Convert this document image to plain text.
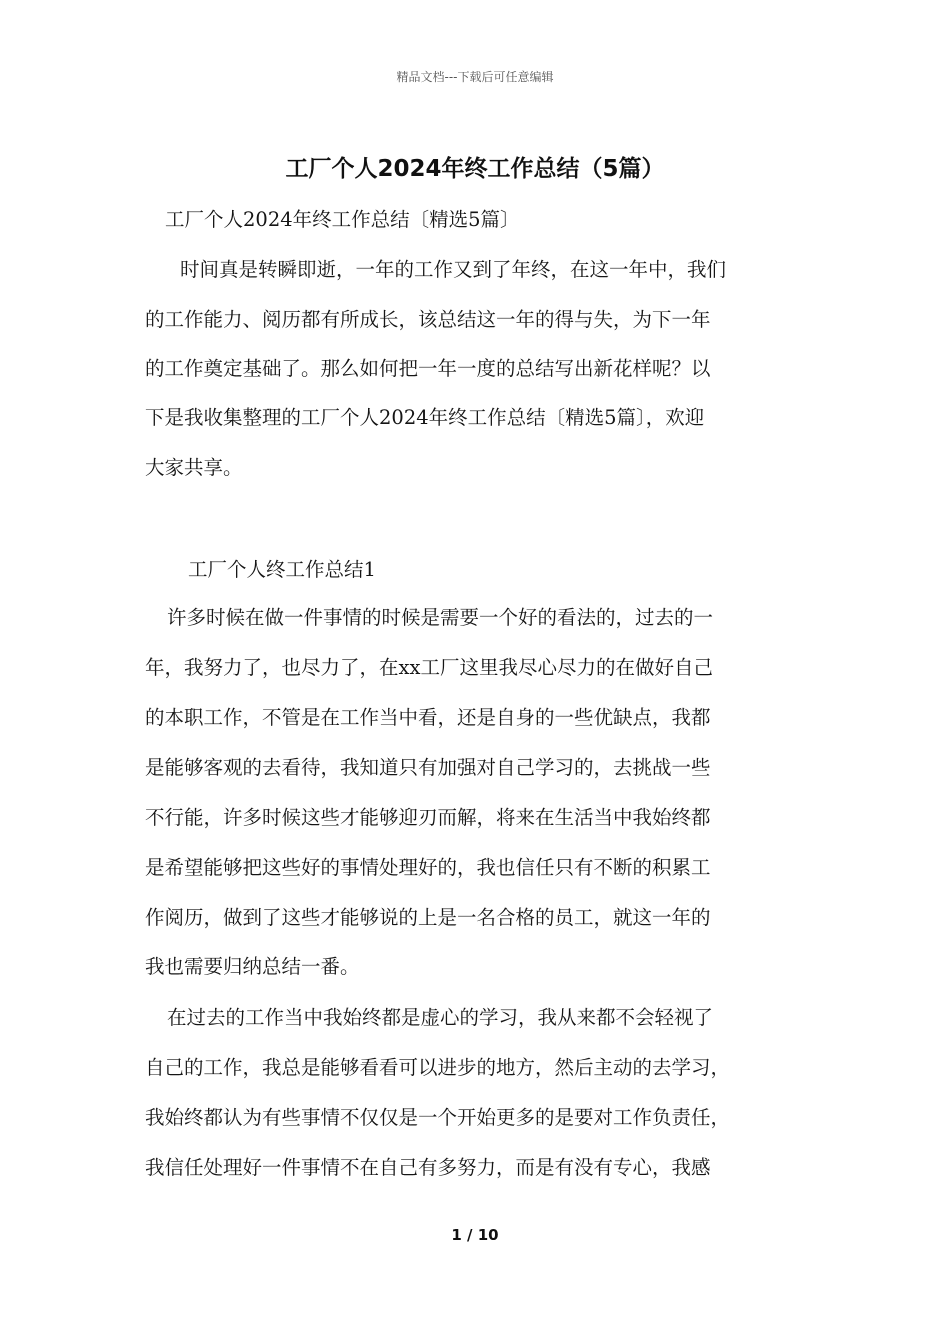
精品文档---下载后可任意编辑
工厂个人2024年终工作总结（5篇）
工厂个人2024年终工作总结〔精选5篇〕
时间真是转瞬即逝，一年的工作又到了年终，在这一年中，我们
的工作能力、阅历都有所成长，该总结这一年的得与失，为下一年
的工作奠定基础了。那么如何把一年一度的总结写出新花样呢？以
下是我收集整理的工厂个人2024年终工作总结〔精选5篇〕，欢迎
大家共享。
工厂个人终工作总结1
许多时候在做一件事情的时候是需要一个好的看法的，过去的一
年，我努力了，也尽力了，在xx工厂这里我尽心尽力的在做好自己
的本职工作，不管是在工作当中看，还是自身的一些优缺点，我都
是能够客观的去看待，我知道只有加强对自己学习的，去挑战一些
不行能，许多时候这些才能够迎刃而解，将来在生活当中我始终都
是希望能够把这些好的事情处理好的，我也信任只有不断的积累工
作阅历，做到了这些才能够说的上是一名合格的员工，就这一年的
我也需要归纳总结一番。
在过去的工作当中我始终都是虚心的学习，我从来都不会轻视了
自己的工作，我总是能够看看可以进步的地方，然后主动的去学习，
我始终都认为有些事情不仅仅是一个开始更多的是要对工作负责任，
我信任处理好一件事情不在自己有多努力，而是有没有专心，我感
1 / 10
